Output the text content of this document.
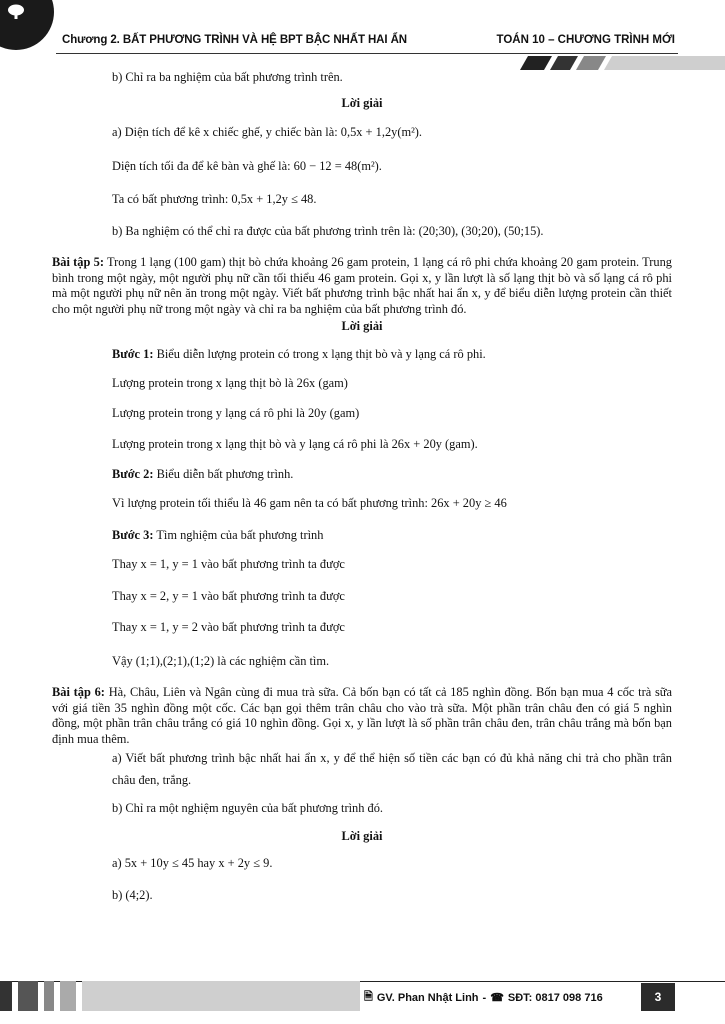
Chương 2. BẤT PHƯƠNG TRÌNH VÀ HỆ BPT BẬC NHẤT HAI ẨN	TOÁN 10 – CHƯƠNG TRÌNH MỚI

b) Chỉ ra ba nghiệm của bất phương trình trên.

Lời giải

a) Diện tích để kê x chiếc ghế, y chiếc bàn là: 0,5x + 1,2y(m²).

Diện tích tối đa để kê bàn và ghế là: 60 − 12 = 48(m²).

Ta có bất phương trình: 0,5x + 1,2y ≤ 48.

b) Ba nghiệm có thể chỉ ra được của bất phương trình trên là: (20;30), (30;20), (50;15).

Bài tập 5: Trong 1 lạng (100 gam) thịt bò chứa khoảng 26 gam protein, 1 lạng cá rô phi chứa khoảng 20 gam protein. Trung bình trong một ngày, một người phụ nữ cần tối thiểu 46 gam protein. Gọi x, y lần lượt là số lạng thịt bò và số lạng cá rô phi mà một người phụ nữ nên ăn trong một ngày. Viết bất phương trình bậc nhất hai ẩn x, y để biểu diễn lượng protein cần thiết cho một người phụ nữ trong một ngày và chỉ ra ba nghiệm của bất phương trình đó.

Lời giải

Bước 1: Biểu diễn lượng protein có trong x lạng thịt bò và y lạng cá rô phi.

Lượng protein trong x lạng thịt bò là 26x (gam)

Lượng protein trong y lạng cá rô phi là 20y (gam)

Lượng protein trong x lạng thịt bò và y lạng cá rô phi là 26x + 20y (gam).

Bước 2: Biểu diễn bất phương trình.

Vì lượng protein tối thiểu là 46 gam nên ta có bất phương trình: 26x + 20y ≥ 46

Bước 3: Tìm nghiệm của bất phương trình

Thay x = 1, y = 1 vào bất phương trình ta được

Thay x = 2, y = 1 vào bất phương trình ta được

Thay x = 1, y = 2 vào bất phương trình ta được

Vậy (1;1),(2;1),(1;2) là các nghiệm cần tìm.

Bài tập 6: Hà, Châu, Liên và Ngân cùng đi mua trà sữa. Cả bốn bạn có tất cả 185 nghìn đồng. Bốn bạn mua 4 cốc trà sữa với giá tiền 35 nghìn đồng một cốc. Các bạn gọi thêm trân châu cho vào trà sữa. Một phần trân châu đen có giá 5 nghìn đồng, một phần trân châu trắng có giá 10 nghìn đồng. Gọi x, y lần lượt là số phần trân châu đen, trân châu trắng mà bốn bạn định mua thêm.

a) Viết bất phương trình bậc nhất hai ẩn x, y để thể hiện số tiền các bạn có đủ khả năng chi trả cho phần trân châu đen, trắng.

b) Chỉ ra một nghiệm nguyên của bất phương trình đó.

Lời giải

a) 5x + 10y ≤ 45 hay x + 2y ≤ 9.

b) (4;2).

🗎 GV. Phan Nhật Linh - ☎ SĐT: 0817 098 716	3
